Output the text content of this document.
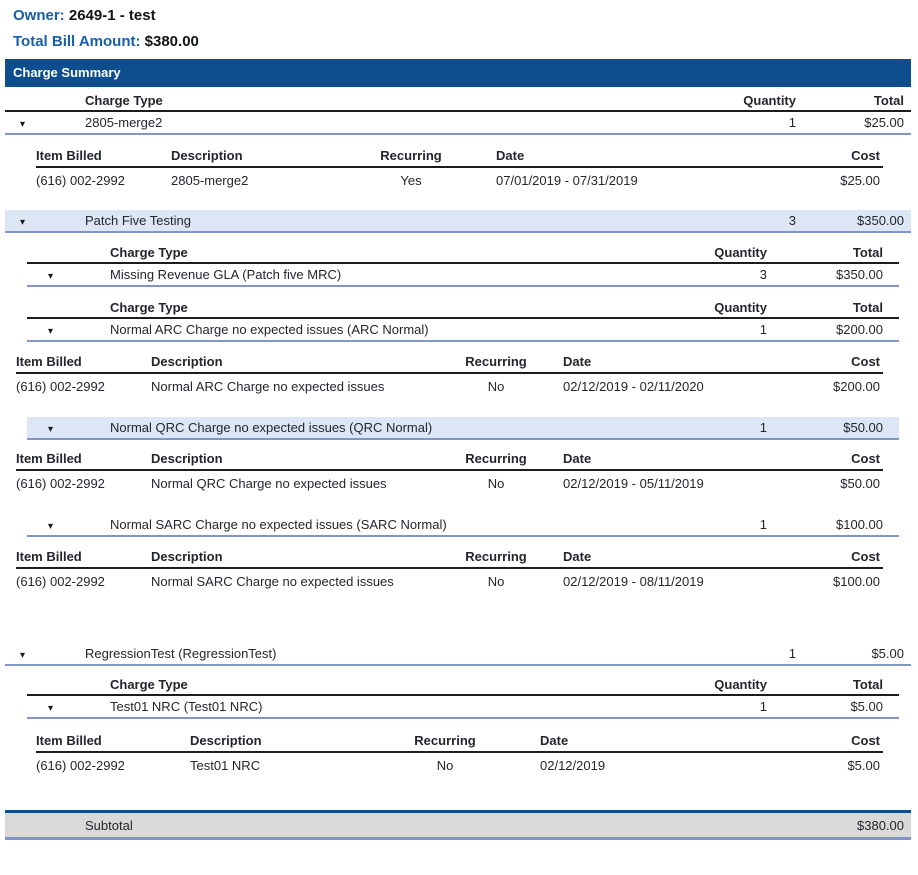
Owner: 2649-1 - test
Total Bill Amount: $380.00
Charge Summary
Charge Type	Quantity	Total
▾	2805-merge2	1	$25.00
Item Billed	Description	Recurring	Date	Cost
(616) 002-2992	2805-merge2	Yes	07/01/2019 - 07/31/2019	$25.00
▾	Patch Five Testing	3	$350.00
Charge Type	Quantity	Total
▾	Missing Revenue GLA (Patch five MRC)	3	$350.00
Charge Type	Quantity	Total
▾	Normal ARC Charge no expected issues (ARC Normal)	1	$200.00
Item Billed	Description	Recurring	Date	Cost
(616) 002-2992	Normal ARC Charge no expected issues	No	02/12/2019 - 02/11/2020	$200.00
▾	Normal QRC Charge no expected issues (QRC Normal)	1	$50.00
Item Billed	Description	Recurring	Date	Cost
(616) 002-2992	Normal QRC Charge no expected issues	No	02/12/2019 - 05/11/2019	$50.00
▾	Normal SARC Charge no expected issues (SARC Normal)	1	$100.00
Item Billed	Description	Recurring	Date	Cost
(616) 002-2992	Normal SARC Charge no expected issues	No	02/12/2019 - 08/11/2019	$100.00
▾	RegressionTest (RegressionTest)	1	$5.00
Charge Type	Quantity	Total
▾	Test01 NRC (Test01 NRC)	1	$5.00
Item Billed	Description	Recurring	Date	Cost
(616) 002-2992	Test01 NRC	No	02/12/2019	$5.00
Subtotal	$380.00
